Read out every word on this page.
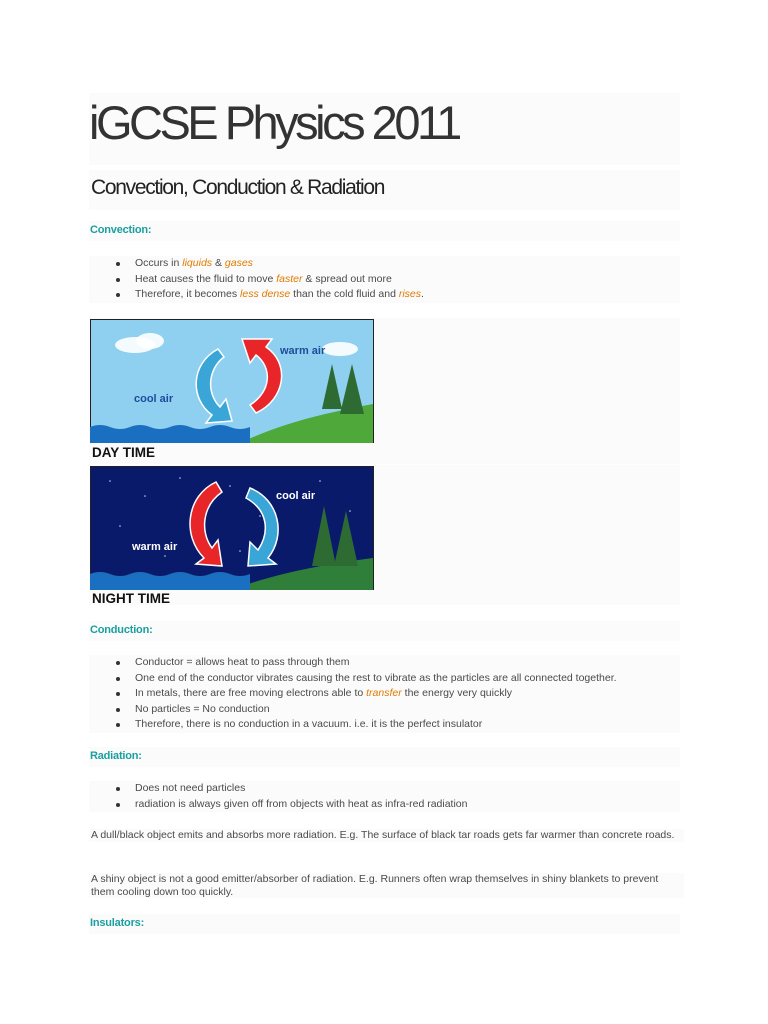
iGCSE Physics 2011
Convection, Conduction & Radiation
Convection:
Occurs in liquids & gases
Heat causes the fluid to move faster & spread out more
Therefore, it becomes less dense than the cold fluid and rises.
warm air
cool air
DAY TIME
cool air
warm air
NIGHT TIME
Conduction:
Conductor = allows heat to pass through them
One end of the conductor vibrates causing the rest to vibrate as the particles are all connected together.
In metals, there are free moving electrons able to transfer the energy very quickly
No particles = No conduction
Therefore, there is no conduction in a vacuum. i.e. it is the perfect insulator
Radiation:
Does not need particles
radiation is always given off from objects with heat as infra-red radiation
A dull/black object emits and absorbs more radiation. E.g. The surface of black tar roads gets far warmer than concrete roads.
A shiny object is not a good emitter/absorber of radiation. E.g. Runners often wrap themselves in shiny blankets to prevent them cooling down too quickly.
Insulators:
